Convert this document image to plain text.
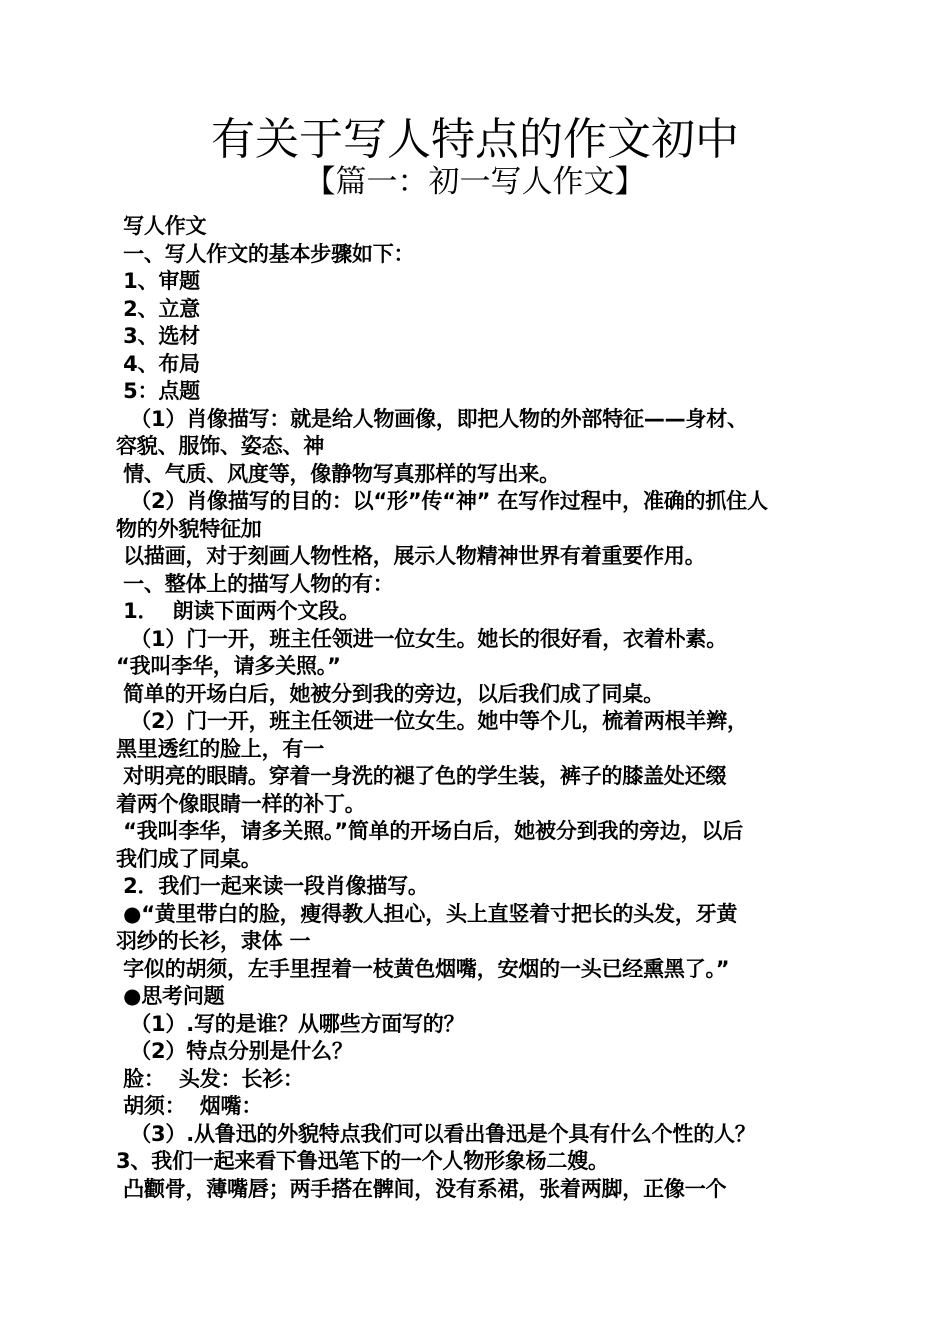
有关于写人特点的作文初中
【篇一：初一写人作文】
写人作文
一、写人作文的基本步骤如下：
1、审题
2、立意
3、选材
4、布局
5：点题
（1）肖像描写：就是给人物画像，即把人物的外部特征——身材、
容貌、服饰、姿态、神
情、气质、风度等，像静物写真那样的写出来。
（2）肖像描写的目的：以“形”传“神” 在写作过程中，准确的抓住人
物的外貌特征加
以描画，对于刻画人物性格，展示人物精神世界有着重要作用。
一、整体上的描写人物的有：
1．  朗读下面两个文段。
（1）门一开，班主任领进一位女生。她长的很好看，衣着朴素。
“我叫李华，请多关照。”
简单的开场白后，她被分到我的旁边，以后我们成了同桌。
（2）门一开，班主任领进一位女生。她中等个儿，梳着两根羊辫，
黑里透红的脸上，有一
对明亮的眼睛。穿着一身洗的褪了色的学生装，裤子的膝盖处还缀
着两个像眼睛一样的补丁。
“我叫李华，请多关照。”简单的开场白后，她被分到我的旁边，以后
我们成了同桌。
2．我们一起来读一段肖像描写。
●“黄里带白的脸，瘦得教人担心，头上直竖着寸把长的头发，牙黄
羽纱的长衫，隶体 一
字似的胡须，左手里捏着一枝黄色烟嘴，安烟的一头已经熏黑了。”
●思考问题
（1）.写的是谁？从哪些方面写的？
（2）特点分别是什么？
脸：  头发：长衫：
胡须：  烟嘴：
（3）.从鲁迅的外貌特点我们可以看出鲁迅是个具有什么个性的人？
3、我们一起来看下鲁迅笔下的一个人物形象杨二嫂。
凸颧骨，薄嘴唇；两手搭在髀间，没有系裙，张着两脚，正像一个
